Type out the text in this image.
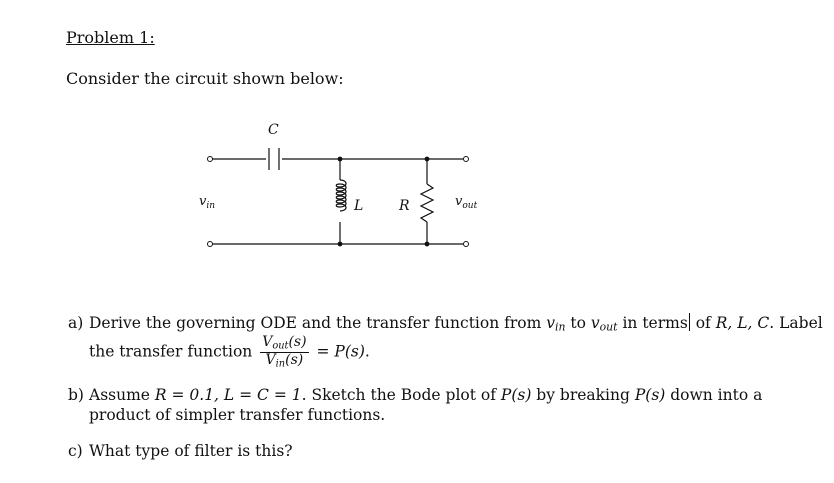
Problem 1:
Consider the circuit shown below:
C
L	R
$v_{in}$	$v_{out}$
a) Derive the governing ODE and the transfer function from $v_{in}$ to $v_{out}$ in terms of R, L, C. Label
the transfer function $\frac{V_{out}(s)}{V_{in}(s)} = P(s)$.
b) Assume R = 0.1, L = C = 1. Sketch the Bode plot of P(s) by breaking P(s) down into a
product of simpler transfer functions.
c) What type of filter is this?
